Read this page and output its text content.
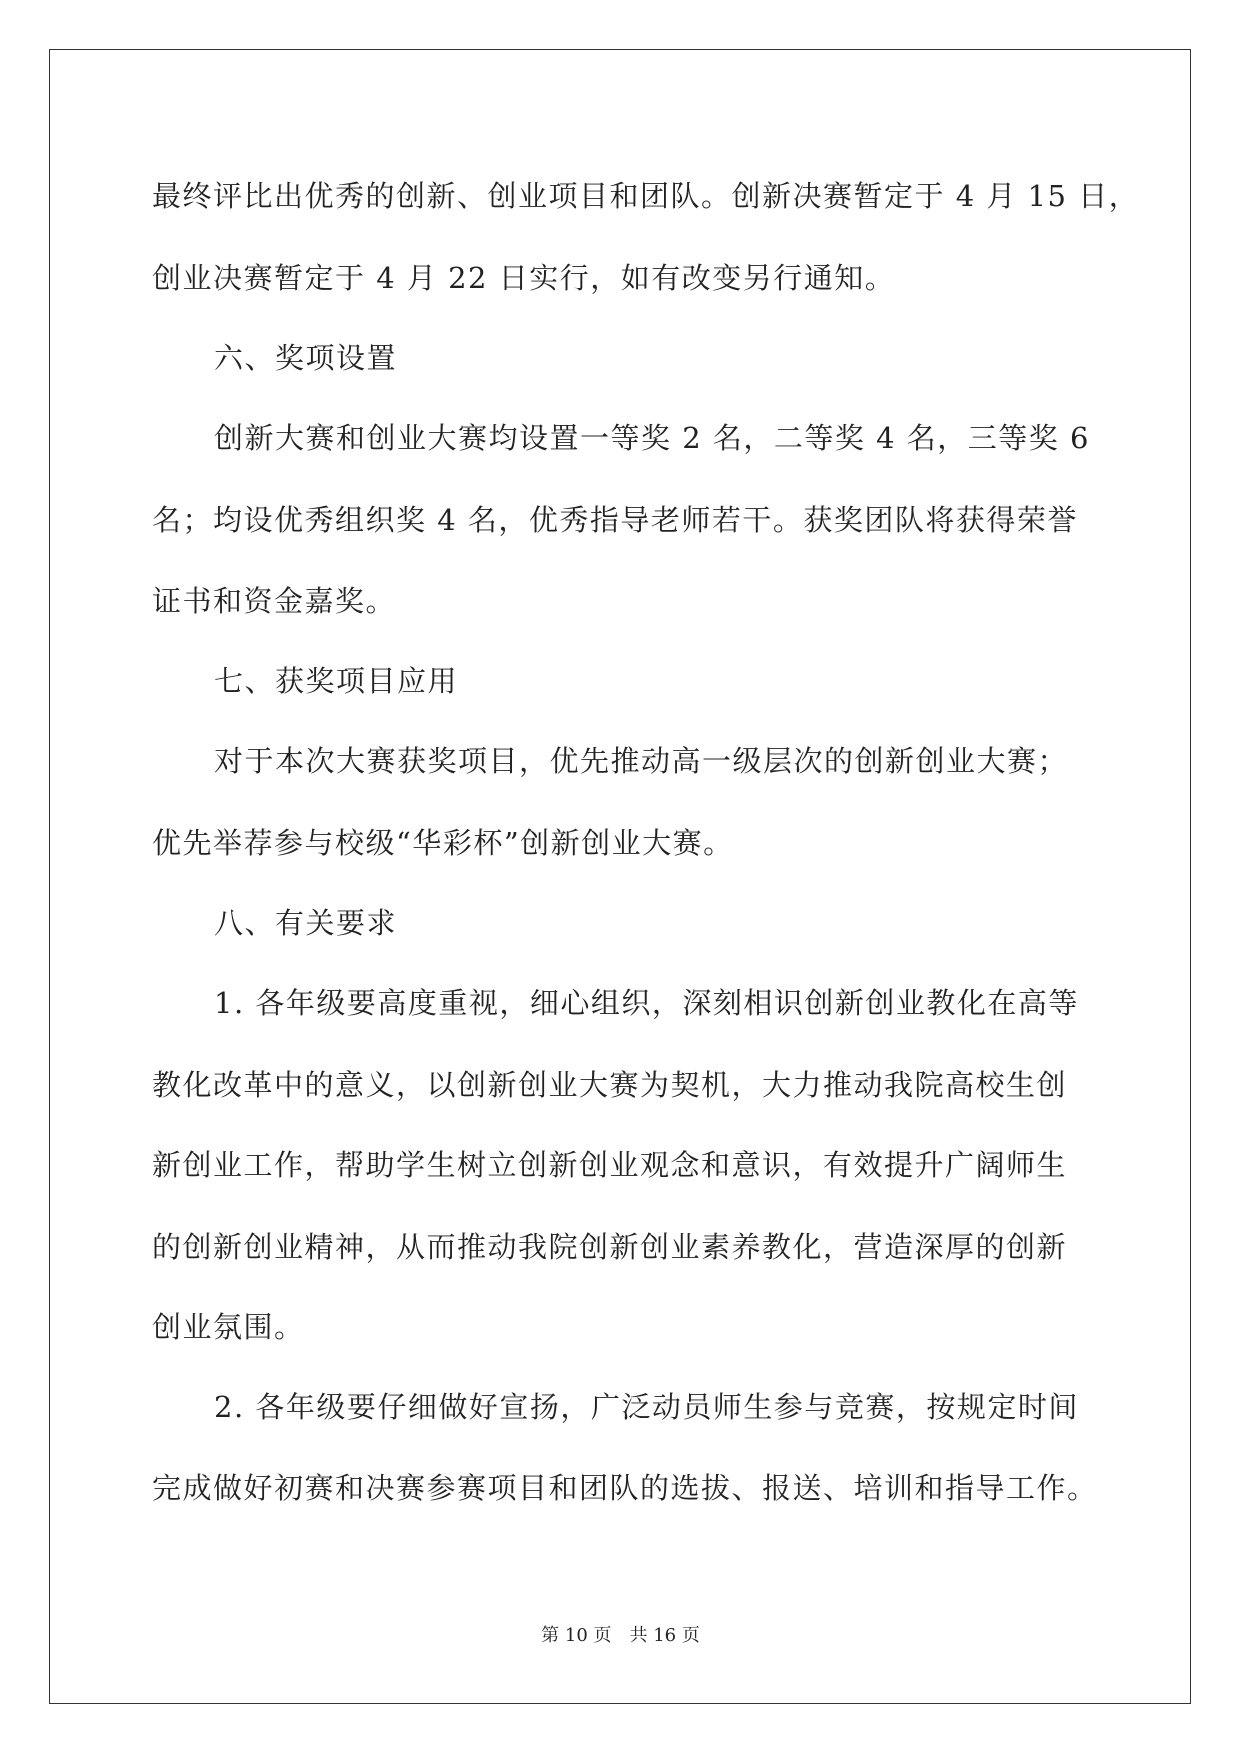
最终评比出优秀的创新、创业项目和团队。创新决赛暂定于 4 月 15 日，

创业决赛暂定于 4 月 22 日实行，如有改变另行通知。

六、奖项设置

创新大赛和创业大赛均设置一等奖 2 名，二等奖 4 名，三等奖 6

名；均设优秀组织奖 4 名，优秀指导老师若干。获奖团队将获得荣誉

证书和资金嘉奖。

七、获奖项目应用

对于本次大赛获奖项目，优先推动高一级层次的创新创业大赛；

优先举荐参与校级“华彩杯”创新创业大赛。

八、有关要求

1. 各年级要高度重视，细心组织，深刻相识创新创业教化在高等

教化改革中的意义，以创新创业大赛为契机，大力推动我院高校生创

新创业工作，帮助学生树立创新创业观念和意识，有效提升广阔师生

的创新创业精神，从而推动我院创新创业素养教化，营造深厚的创新

创业氛围。

2. 各年级要仔细做好宣扬，广泛动员师生参与竞赛，按规定时间

完成做好初赛和决赛参赛项目和团队的选拔、报送、培训和指导工作。

第 10 页　共 16 页
